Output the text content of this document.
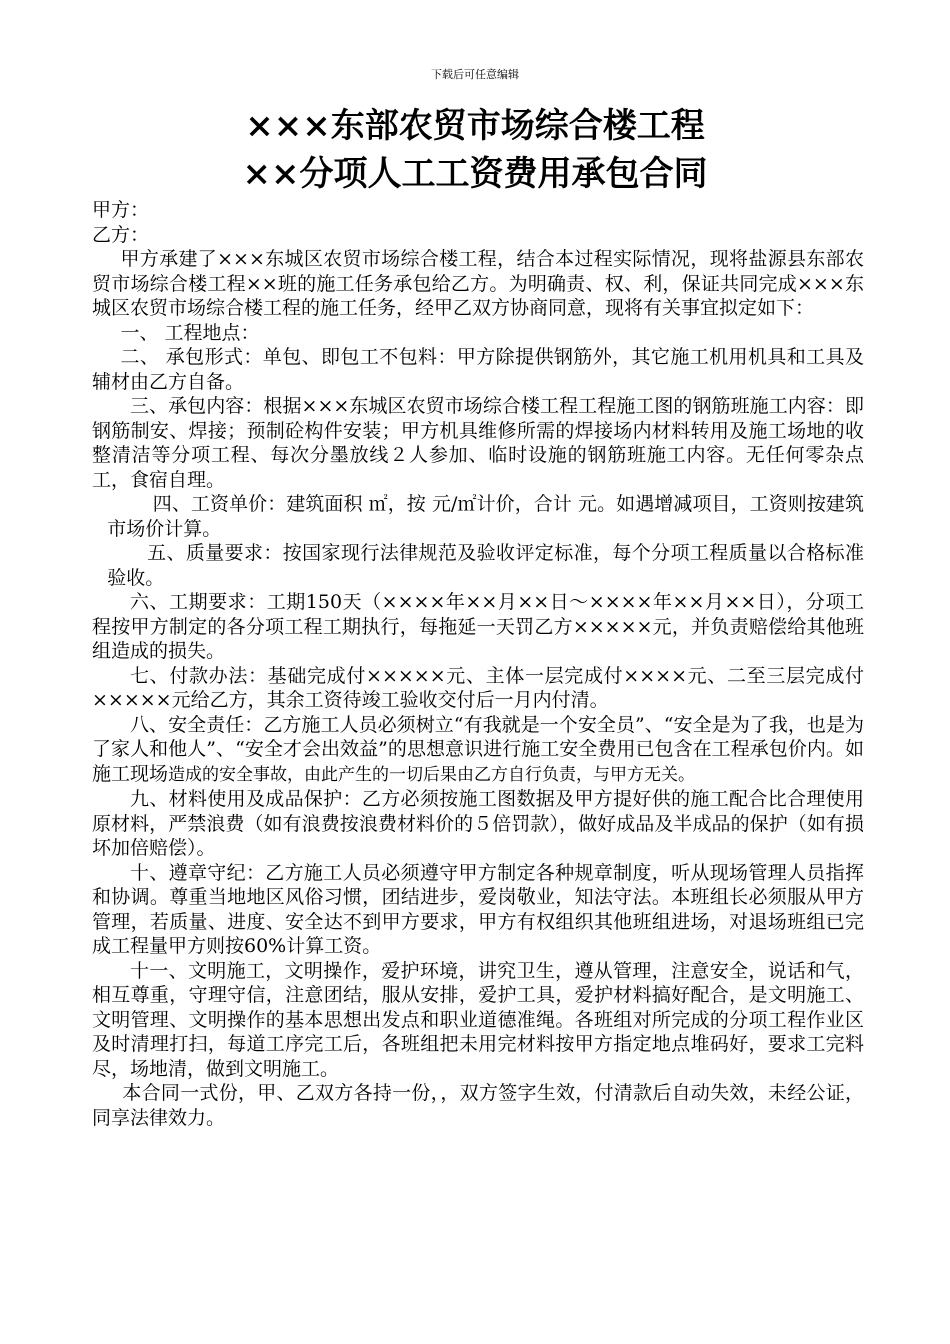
下载后可任意编辑
×××东部农贸市场综合楼工程
××分项人工工资费用承包合同

甲方：

乙方：

甲方承建了×××东城区农贸市场综合楼工程，结合本过程实际情况，现将盐源县东部农贸市场综合楼工程××班的施工任务承包给乙方。为明确责、权、利，保证共同完成×××东城区农贸市场综合楼工程的施工任务，经甲乙双方协商同意，现将有关事宜拟定如下：

一、 工程地点：

二、 承包形式：单包、即包工不包料：甲方除提供钢筋外，其它施工机用机具和工具及辅材由乙方自备。

三、承包内容：根据×××东城区农贸市场综合楼工程工程施工图的钢筋班施工内容：即钢筋制安、焊接；预制砼构件安装；甲方机具维修所需的焊接场内材料转用及施工场地的收整清洁等分项工程、每次分墨放线２人参加、临时设施的钢筋班施工内容。无任何零杂点工，食宿自理。

四、工资单价：建筑面积 ㎡，按 元/㎡计价，合计 元。如遇增减项目，工资则按建筑市场价计算。

五、质量要求：按国家现行法律规范及验收评定标准，每个分项工程质量以合格标准验收。

六、工期要求：工期150天（××××年××月××日～××××年××月××日），分项工程按甲方制定的各分项工程工期执行，每拖延一天罚乙方×××××元，并负责赔偿给其他班组造成的损失。

七、付款办法：基础完成付×××××元、主体一层完成付××××元、二至三层完成付×××××元给乙方，其余工资待竣工验收交付后一月内付清。

八、安全责任：乙方施工人员必须树立“有我就是一个安全员”、“安全是为了我，也是为了家人和他人”、“安全才会出效益”的思想意识进行施工安全费用已包含在工程承包价内。如施工现场造成的安全事故，由此产生的一切后果由乙方自行负责，与甲方无关。

九、材料使用及成品保护：乙方必须按施工图数据及甲方提好供的施工配合比合理使用原材料，严禁浪费（如有浪费按浪费材料价的５倍罚款），做好成品及半成品的保护（如有损坏加倍赔偿）。

十、遵章守纪：乙方施工人员必须遵守甲方制定各种规章制度，听从现场管理人员指挥和协调。尊重当地地区风俗习惯，团结进步，爱岗敬业，知法守法。本班组长必须服从甲方管理，若质量、进度、安全达不到甲方要求，甲方有权组织其他班组进场，对退场班组已完成工程量甲方则按60%计算工资。

十一、文明施工，文明操作，爱护环境，讲究卫生，遵从管理，注意安全，说话和气，相互尊重，守理守信，注意团结，服从安排，爱护工具，爱护材料搞好配合，是文明施工、文明管理、文明操作的基本思想出发点和职业道德准绳。各班组对所完成的分项工程作业区及时清理打扫，每道工序完工后，各班组把未用完材料按甲方指定地点堆码好，要求工完料尽，场地清，做到文明施工。

本合同一式份，甲、乙双方各持一份，，双方签字生效，付清款后自动失效，未经公证，同享法律效力。
